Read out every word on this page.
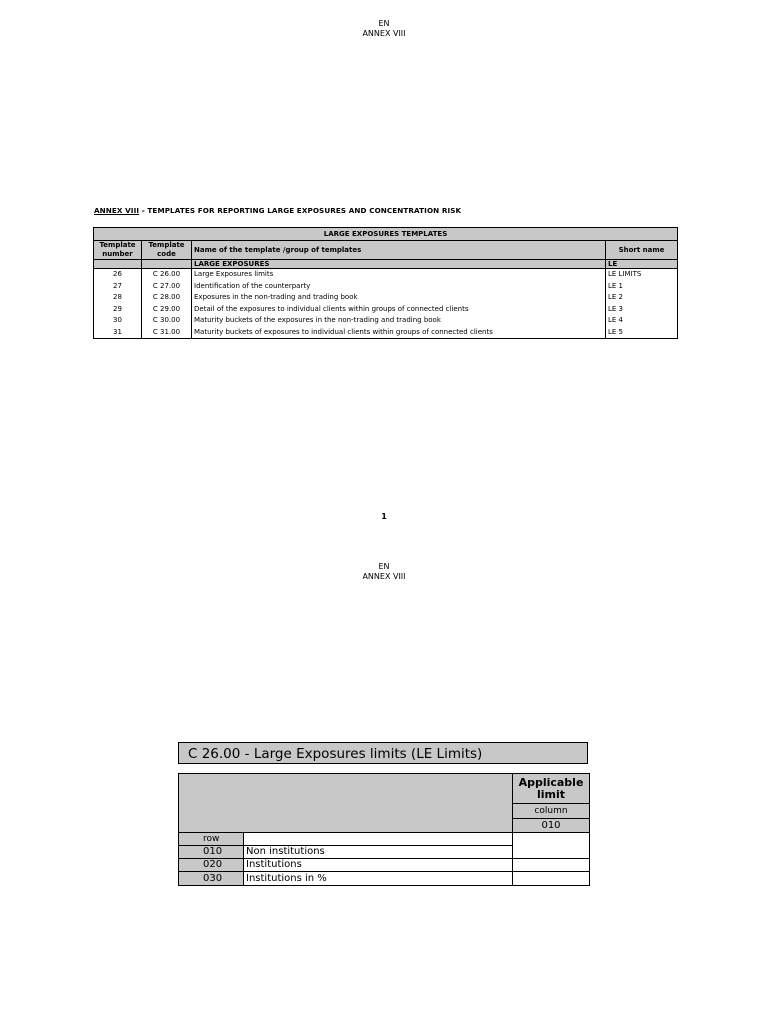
EN
ANNEX VIII
ANNEX VIII - TEMPLATES FOR REPORTING LARGE EXPOSURES AND CONCENTRATION RISK
LARGE EXPOSURES TEMPLATES			
Template number	Template code	Name of the template /group of templates	Short name
		LARGE EXPOSURES	LE
26	C 26.00	Large Exposures limits	LE LIMITS
27	C 27.00	Identification of the counterparty	LE 1
28	C 28.00	Exposures in the non-trading and trading book	LE 2
29	C 29.00	Detail of the exposures to individual clients within groups of connected clients	LE 3
30	C 30.00	Maturity buckets of the exposures in the non-trading and trading book	LE 4
31	C 31.00	Maturity buckets of exposures to individual clients within groups of connected clients	LE 5
1
EN
ANNEX VIII
C 26.00 - Large Exposures limits (LE Limits)
Applicable limit
column
010
row
010	Non institutions
020	Institutions
030	Institutions in %
